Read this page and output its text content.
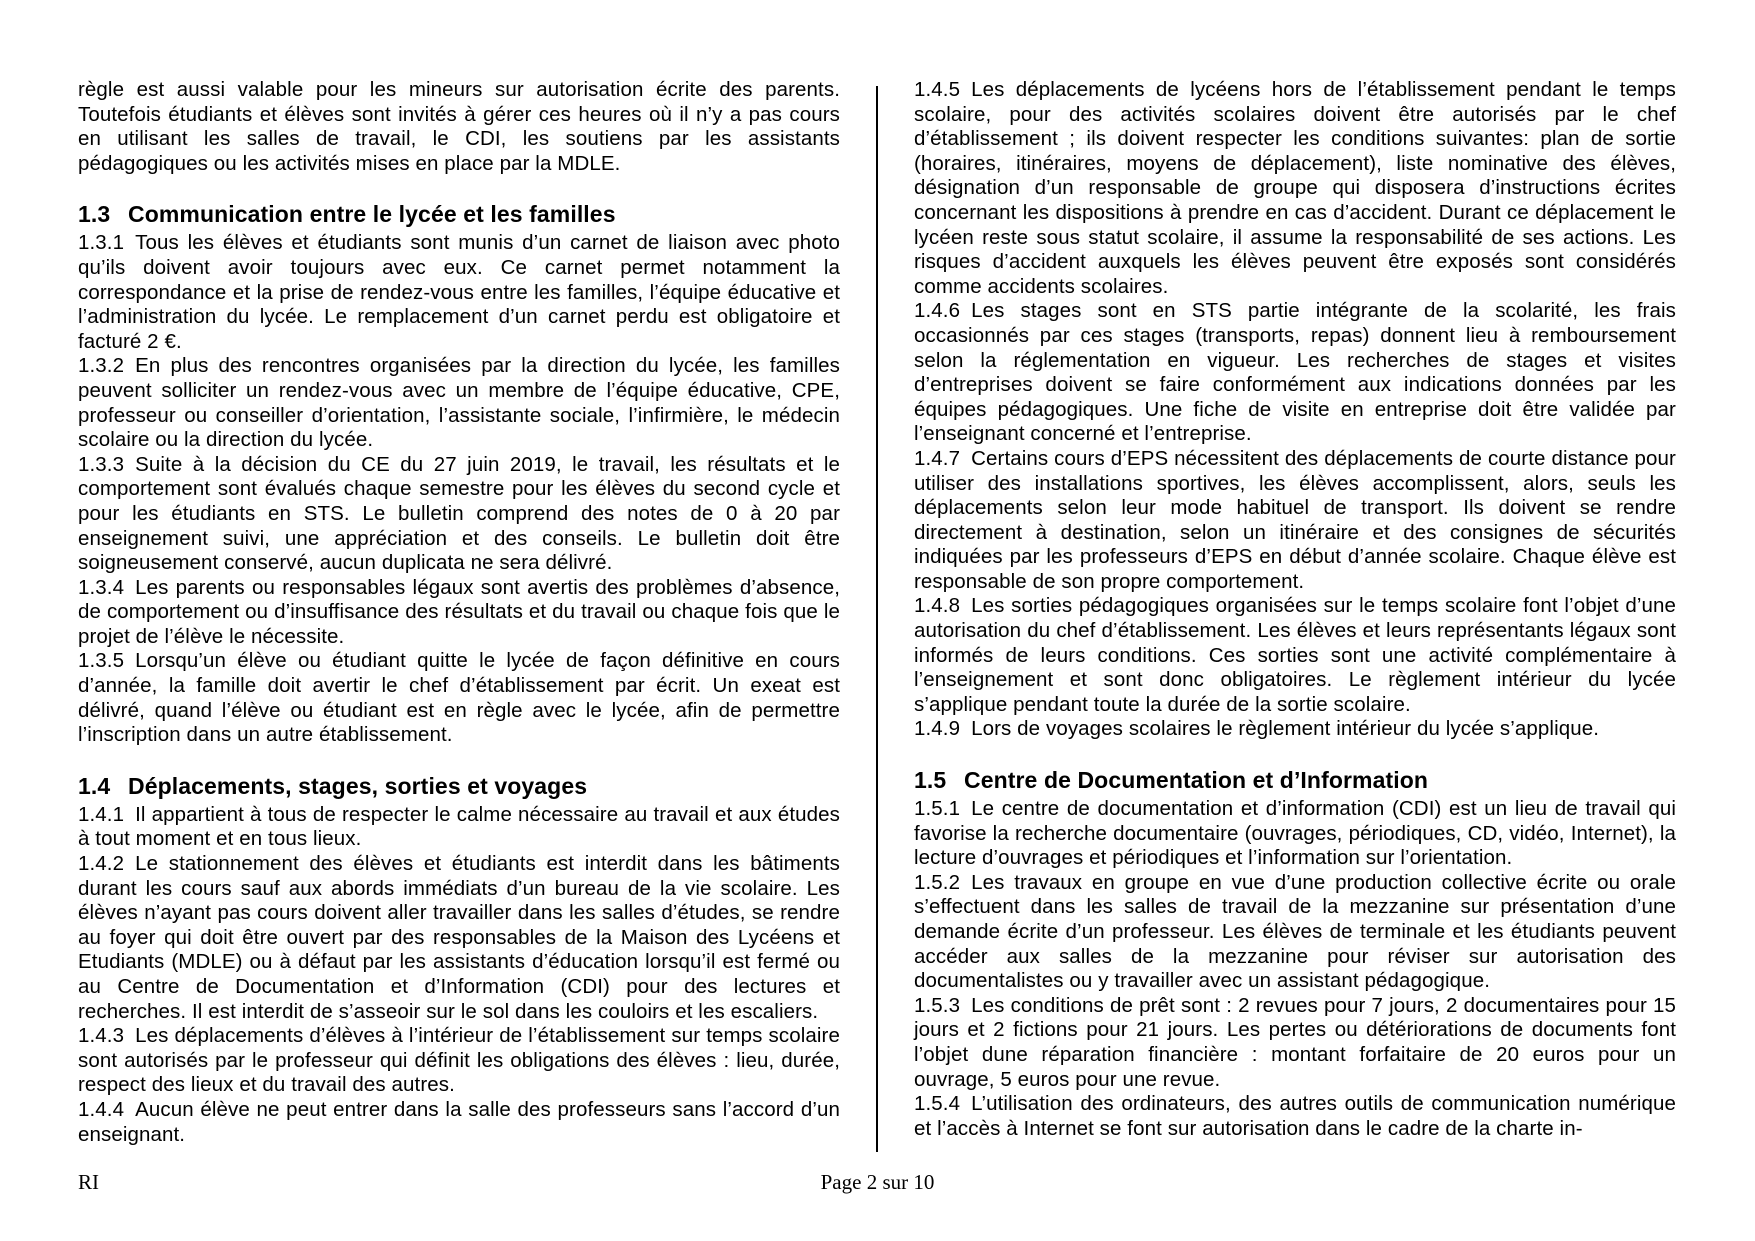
règle est aussi valable pour les mineurs sur autorisation écrite des parents. Toutefois étudiants et élèves sont invités à gérer ces heures où il n’y a pas cours en utilisant les salles de travail, le CDI, les soutiens par les assistants pédagogiques ou les activités mises en place par la MDLE.

1.3 Communication entre le lycée et les familles

1.3.1 Tous les élèves et étudiants sont munis d’un carnet de liaison avec photo qu’ils doivent avoir toujours avec eux. Ce carnet permet notamment la correspondance et la prise de rendez-vous entre les familles, l’équipe éducative et l’administration du lycée. Le remplacement d’un carnet perdu est obligatoire et facturé 2 €.

1.3.2 En plus des rencontres organisées par la direction du lycée, les familles peuvent solliciter un rendez-vous avec un membre de l’équipe éducative, CPE, professeur ou conseiller d’orientation, l’assistante sociale, l’infirmière, le médecin scolaire ou la direction du lycée.

1.3.3 Suite à la décision du CE du 27 juin 2019, le travail, les résultats et le comportement sont évalués chaque semestre pour les élèves du second cycle et pour les étudiants en STS. Le bulletin comprend des notes de 0 à 20 par enseignement suivi, une appréciation et des conseils. Le bulletin doit être soigneusement conservé, aucun duplicata ne sera délivré.

1.3.4 Les parents ou responsables légaux sont avertis des problèmes d’absence, de comportement ou d’insuffisance des résultats et du travail ou chaque fois que le projet de l’élève le nécessite.

1.3.5 Lorsqu’un élève ou étudiant quitte le lycée de façon définitive en cours d’année, la famille doit avertir le chef d’établissement par écrit. Un exeat est délivré, quand l’élève ou étudiant est en règle avec le lycée, afin de permettre l’inscription dans un autre établissement.

1.4 Déplacements, stages, sorties et voyages

1.4.1 Il appartient à tous de respecter le calme nécessaire au travail et aux études à tout moment et en tous lieux.

1.4.2 Le stationnement des élèves et étudiants est interdit dans les bâtiments durant les cours sauf aux abords immédiats d’un bureau de la vie scolaire. Les élèves n’ayant pas cours doivent aller travailler dans les salles d’études, se rendre au foyer qui doit être ouvert par des responsables de la Maison des Lycéens et Etudiants (MDLE) ou à défaut par les assistants d’éducation lorsqu’il est fermé ou au Centre de Documentation et d’Information (CDI) pour des lectures et recherches. Il est interdit de s’asseoir sur le sol dans les couloirs et les escaliers.

1.4.3 Les déplacements d’élèves à l’intérieur de l’établissement sur temps scolaire sont autorisés par le professeur qui définit les obligations des élèves : lieu, durée, respect des lieux et du travail des autres.

1.4.4 Aucun élève ne peut entrer dans la salle des professeurs sans l’accord d’un enseignant.

1.4.5 Les déplacements de lycéens hors de l’établissement pendant le temps scolaire, pour des activités scolaires doivent être autorisés par le chef d’établissement ; ils doivent respecter les conditions suivantes: plan de sortie (horaires, itinéraires, moyens de déplacement), liste nominative des élèves, désignation d’un responsable de groupe qui disposera d’instructions écrites concernant les dispositions à prendre en cas d’accident. Durant ce déplacement le lycéen reste sous statut scolaire, il assume la responsabilité de ses actions. Les risques d’accident auxquels les élèves peuvent être exposés sont considérés comme accidents scolaires.

1.4.6 Les stages sont en STS partie intégrante de la scolarité, les frais occasionnés par ces stages (transports, repas) donnent lieu à remboursement selon la réglementation en vigueur. Les recherches de stages et visites d’entreprises doivent se faire conformément aux indications données par les équipes pédagogiques. Une fiche de visite en entreprise doit être validée par l’enseignant concerné et l’entreprise.

1.4.7 Certains cours d’EPS nécessitent des déplacements de courte distance pour utiliser des installations sportives, les élèves accomplissent, alors, seuls les déplacements selon leur mode habituel de transport. Ils doivent se rendre directement à destination, selon un itinéraire et des consignes de sécurités indiquées par les professeurs d’EPS en début d’année scolaire. Chaque élève est responsable de son propre comportement.

1.4.8 Les sorties pédagogiques organisées sur le temps scolaire font l’objet d’une autorisation du chef d’établissement. Les élèves et leurs représentants légaux sont informés de leurs conditions. Ces sorties sont une activité complémentaire à l’enseignement et sont donc obligatoires. Le règlement intérieur du lycée s’applique pendant toute la durée de la sortie scolaire.

1.4.9 Lors de voyages scolaires le règlement intérieur du lycée s’applique.

1.5 Centre de Documentation et d’Information

1.5.1 Le centre de documentation et d’information (CDI) est un lieu de travail qui favorise la recherche documentaire (ouvrages, périodiques, CD, vidéo, Internet), la lecture d’ouvrages et périodiques et l’information sur l’orientation.

1.5.2 Les travaux en groupe en vue d’une production collective écrite ou orale s’effectuent dans les salles de travail de la mezzanine sur présentation d’une demande écrite d’un professeur. Les élèves de terminale et les étudiants peuvent accéder aux salles de la mezzanine pour réviser sur autorisation des documentalistes ou y travailler avec un assistant pédagogique.

1.5.3 Les conditions de prêt sont : 2 revues pour 7 jours, 2 documentaires pour 15 jours et 2 fictions pour 21 jours. Les pertes ou détériorations de documents font l’objet dune réparation financière : montant forfaitaire de 20 euros pour un ouvrage, 5 euros pour une revue.

1.5.4 L’utilisation des ordinateurs, des autres outils de communication numérique et l’accès à Internet se font sur autorisation dans le cadre de la charte in-

RI	Page 2 sur 10
